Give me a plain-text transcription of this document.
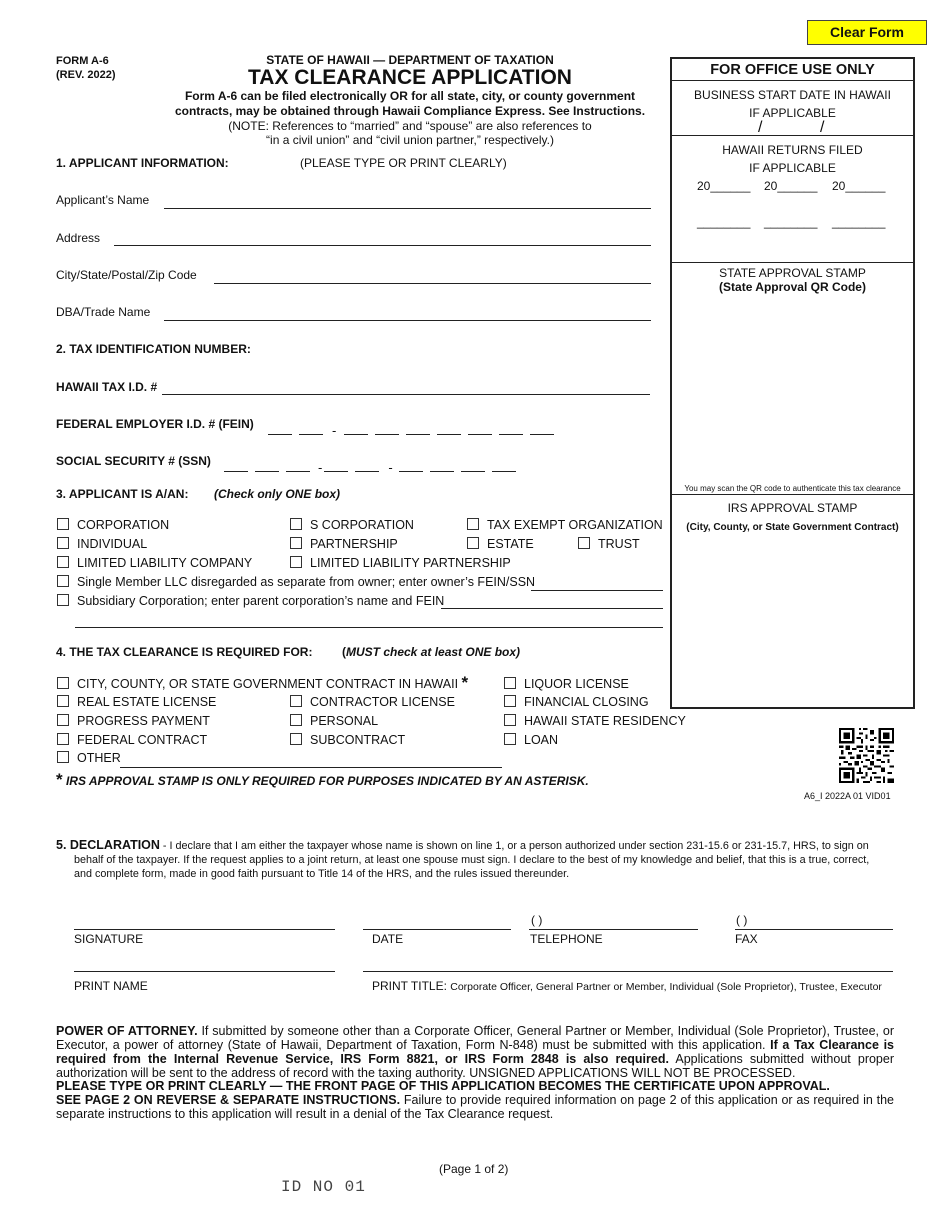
FORM A-6
(REV. 2022)
Clear Form
STATE OF HAWAII — DEPARTMENT OF TAXATION
TAX CLEARANCE APPLICATION
Form A-6 can be filed electronically OR for all state, city, or county government
contracts, may be obtained through Hawaii Compliance Express. See Instructions.
(NOTE: References to “married” and “spouse” are also references to
“in a civil union” and “civil union partner,” respectively.)
FOR OFFICE USE ONLY
BUSINESS START DATE IN HAWAII
IF APPLICABLE
/	/
HAWAII RETURNS FILED
IF APPLICABLE
20______ 20______ 20______
________ ________ ________
STATE APPROVAL STAMP
(State Approval QR Code)
You may scan the QR code to authenticate this tax clearance
IRS APPROVAL STAMP
(City, County, or State Government Contract)
1. APPLICANT INFORMATION:	(PLEASE TYPE OR PRINT CLEARLY)
Applicant’s Name
Address
City/State/Postal/Zip Code
DBA/Trade Name
2. TAX IDENTIFICATION NUMBER:
HAWAII TAX I.D. #
FEDERAL EMPLOYER I.D. # (FEIN)	-
SOCIAL SECURITY # (SSN)	-	-
3. APPLICANT IS A/AN: (Check only ONE box)
CORPORATION	S CORPORATION	TAX EXEMPT ORGANIZATION
INDIVIDUAL	PARTNERSHIP	ESTATE	TRUST
LIMITED LIABILITY COMPANY	LIMITED LIABILITY PARTNERSHIP
Single Member LLC disregarded as separate from owner; enter owner’s FEIN/SSN
Subsidiary Corporation; enter parent corporation’s name and FEIN
4. THE TAX CLEARANCE IS REQUIRED FOR: (MUST check at least ONE box)
CITY, COUNTY, OR STATE GOVERNMENT CONTRACT IN HAWAII *	LIQUOR LICENSE
REAL ESTATE LICENSE	CONTRACTOR LICENSE	FINANCIAL CLOSING
PROGRESS PAYMENT	PERSONAL	HAWAII STATE RESIDENCY
FEDERAL CONTRACT	SUBCONTRACT	LOAN
OTHER
* IRS APPROVAL STAMP IS ONLY REQUIRED FOR PURPOSES INDICATED BY AN ASTERISK.
A6_I 2022A 01 VID01
5. DECLARATION - I declare that I am either the taxpayer whose name is shown on line 1, or a person authorized under section 231-15.6 or 231-15.7, HRS, to sign on
behalf of the taxpayer. If the request applies to a joint return, at least one spouse must sign. I declare to the best of my knowledge and belief, that this is a true, correct,
and complete form, made in good faith pursuant to Title 14 of the HRS, and the rules issued thereunder.
( )	( )
SIGNATURE	DATE	TELEPHONE	FAX
PRINT NAME	PRINT TITLE: Corporate Officer, General Partner or Member, Individual (Sole Proprietor), Trustee, Executor
POWER OF ATTORNEY. If submitted by someone other than a Corporate Officer, General Partner or Member, Individual (Sole Proprietor), Trustee, or Executor, a power of attorney (State of Hawaii, Department of Taxation, Form N-848) must be submitted with this application. If a Tax Clearance is required from the Internal Revenue Service, IRS Form 8821, or IRS Form 2848 is also required. Applications submitted without proper authorization will be sent to the address of record with the taxing authority. UNSIGNED APPLICATIONS WILL NOT BE PROCESSED.
PLEASE TYPE OR PRINT CLEARLY — THE FRONT PAGE OF THIS APPLICATION BECOMES THE CERTIFICATE UPON APPROVAL.
SEE PAGE 2 ON REVERSE & SEPARATE INSTRUCTIONS. Failure to provide required information on page 2 of this application or as required in the separate instructions to this application will result in a denial of the Tax Clearance request.
(Page 1 of 2)
ID NO 01
